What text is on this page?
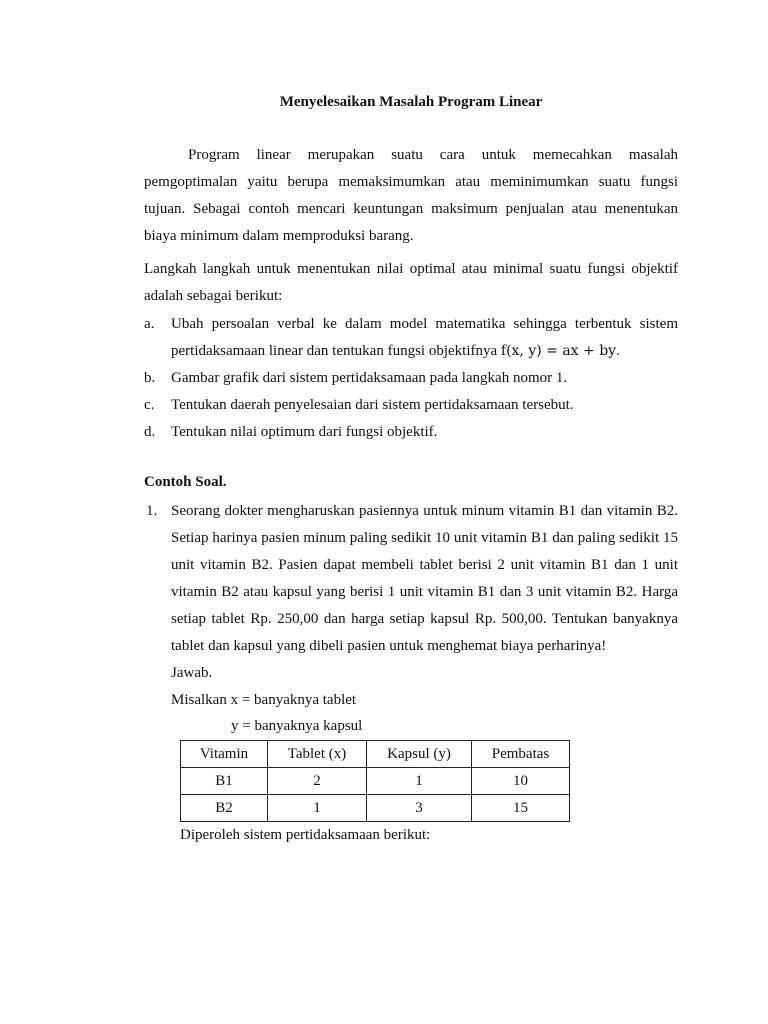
Menyelesaikan Masalah Program Linear
Program linear merupakan suatu cara untuk memecahkan masalah pemgoptimalan yaitu berupa memaksimumkan atau meminimumkan suatu fungsi tujuan. Sebagai contoh mencari keuntungan maksimum penjualan atau menentukan biaya minimum dalam memproduksi barang.
Langkah langkah untuk menentukan nilai optimal atau minimal suatu fungsi objektif adalah sebagai berikut:
a.	Ubah persoalan verbal ke dalam model matematika sehingga terbentuk sistem pertidaksamaan linear dan tentukan fungsi objektifnya f(x, y) = ax + by.
b.	Gambar grafik dari sistem pertidaksamaan pada langkah nomor 1.
c.	Tentukan daerah penyelesaian dari sistem pertidaksamaan tersebut.
d.	Tentukan nilai optimum dari fungsi objektif.
Contoh Soal.
1. Seorang dokter mengharuskan pasiennya untuk minum vitamin B1 dan vitamin B2. Setiap harinya pasien minum paling sedikit 10 unit vitamin B1 dan paling sedikit 15 unit vitamin B2. Pasien dapat membeli tablet berisi 2 unit vitamin B1 dan 1 unit vitamin B2 atau kapsul yang berisi 1 unit vitamin B1 dan 3 unit vitamin B2. Harga setiap tablet Rp. 250,00 dan harga setiap kapsul Rp. 500,00. Tentukan banyaknya tablet dan kapsul yang dibeli pasien untuk menghemat biaya perharinya!
Jawab.
Misalkan x = banyaknya tablet
y = banyaknya kapsul
Vitamin	Tablet (x)	Kapsul (y)	Pembatas
B1	2	1	10
B2	1	3	15
Diperoleh sistem pertidaksamaan berikut:
